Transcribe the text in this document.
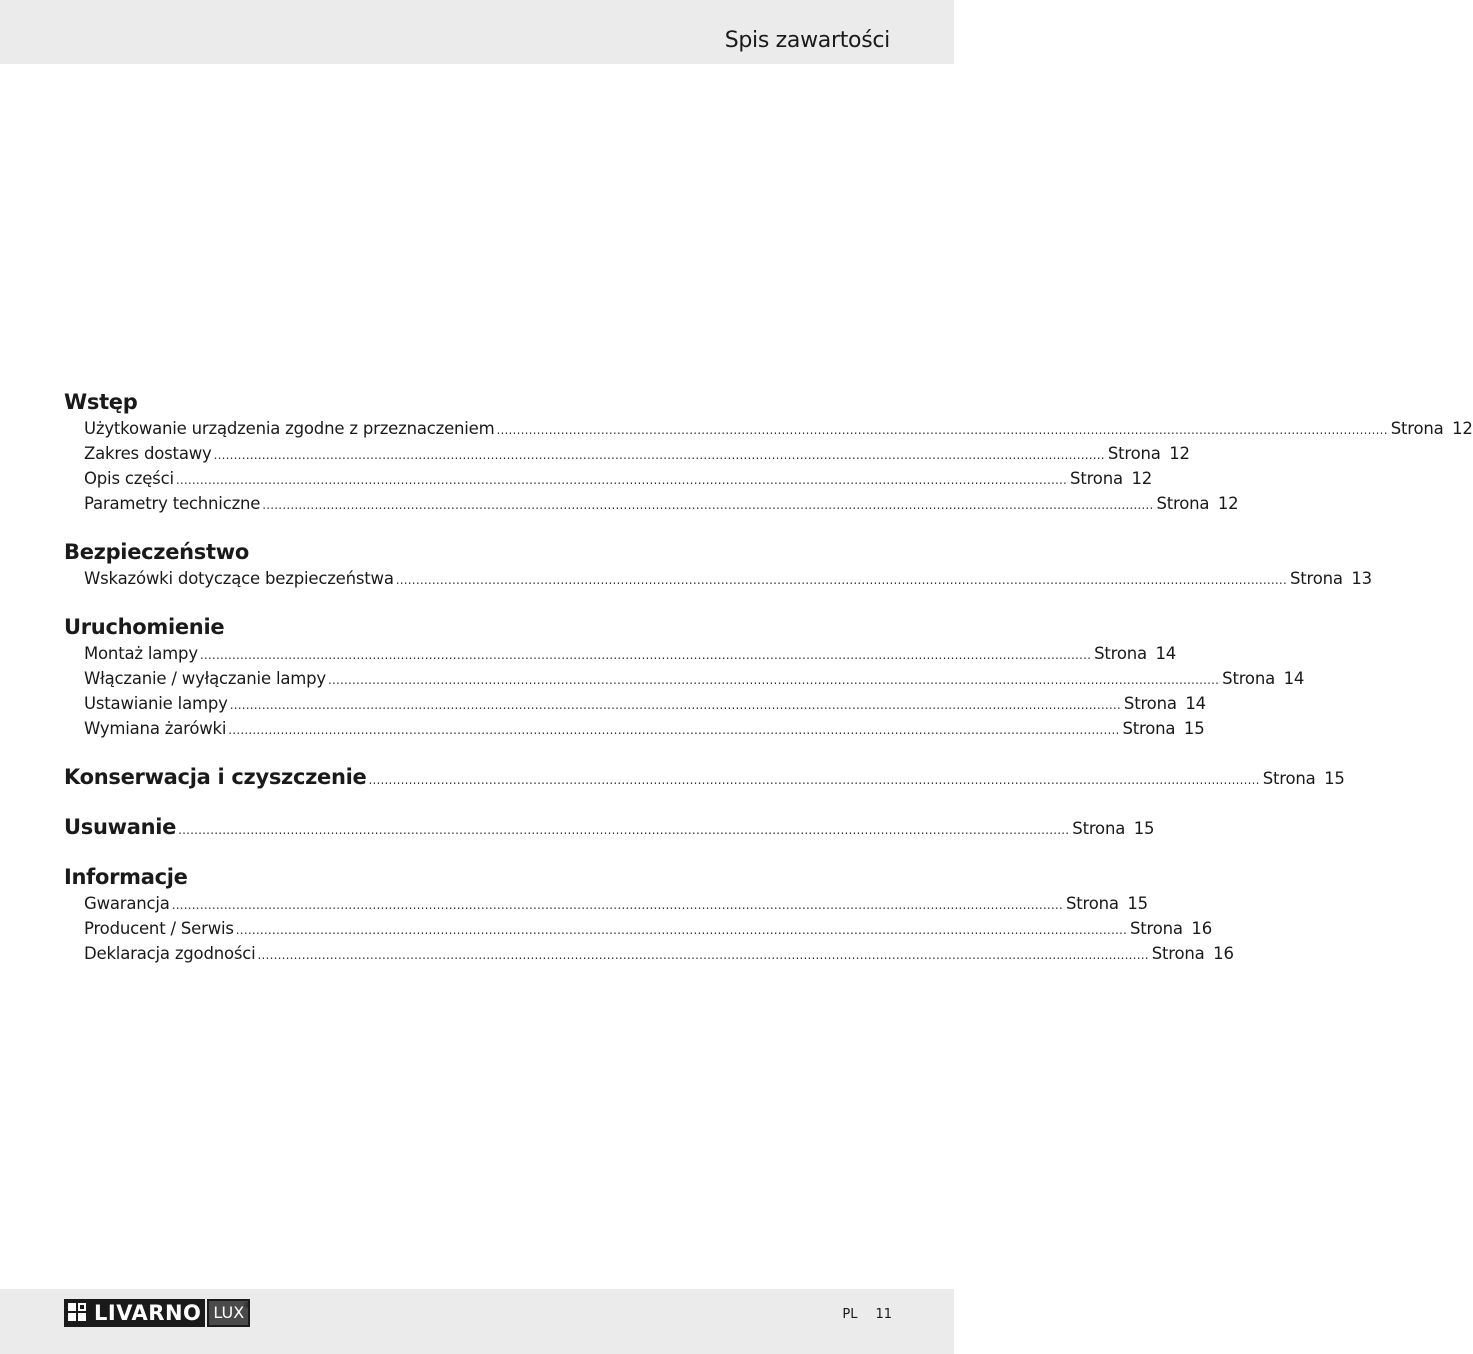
Spis zawartości
Wstęp
Użytkowanie urządzenia zgodne z przeznaczeniem .............................................................................................................................................................................................................................. Strona 12
Zakres dostawy .............................................................................................................................................................................................................................. Strona 12
Opis części .............................................................................................................................................................................................................................. Strona 12
Parametry techniczne .............................................................................................................................................................................................................................. Strona 12
Bezpieczeństwo
Wskazówki dotyczące bezpieczeństwa .............................................................................................................................................................................................................................. Strona 13
Uruchomienie
Montaż lampy .............................................................................................................................................................................................................................. Strona 14
Włączanie / wyłączanie lampy .............................................................................................................................................................................................................................. Strona 14
Ustawianie lampy .............................................................................................................................................................................................................................. Strona 14
Wymiana żarówki .............................................................................................................................................................................................................................. Strona 15
Konserwacja i czyszczenie .............................................................................................................................................................................................................................. Strona 15
Usuwanie .............................................................................................................................................................................................................................. Strona 15
Informacje
Gwarancja .............................................................................................................................................................................................................................. Strona 15
Producent / Serwis .............................................................................................................................................................................................................................. Strona 16
Deklaracja zgodności .............................................................................................................................................................................................................................. Strona 16
LIVARNO LUX ®
PL 11
